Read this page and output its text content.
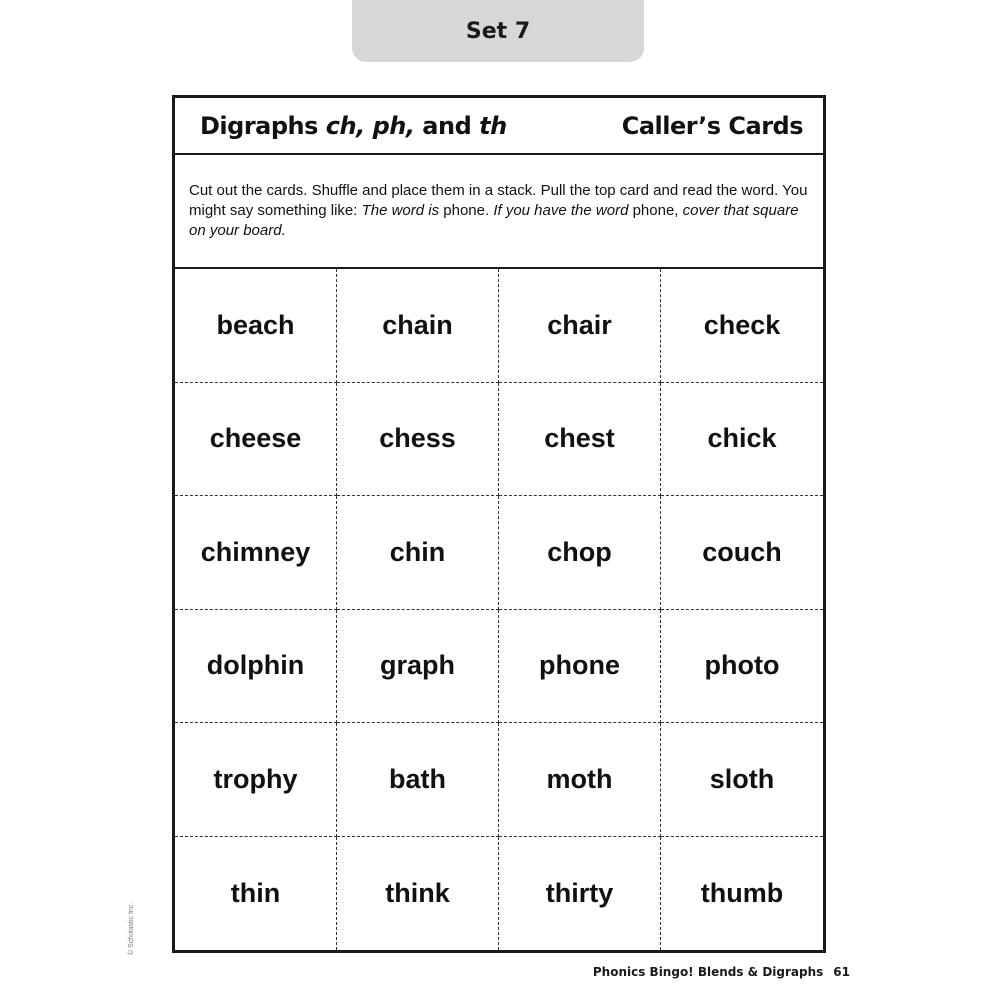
Set 7
Digraphs ch, ph, and th	Caller’s Cards
Cut out the cards. Shuffle and place them in a stack. Pull the top card and read the word. You might say something like: The word is phone. If you have the word phone, cover that square on your board.
beach	chain	chair	check
cheese	chess	chest	chick
chimney	chin	chop	couch
dolphin	graph	phone	photo
trophy	bath	moth	sloth
thin	think	thirty	thumb
© Scholastic Inc.
Phonics Bingo! Blends & Digraphs 61
